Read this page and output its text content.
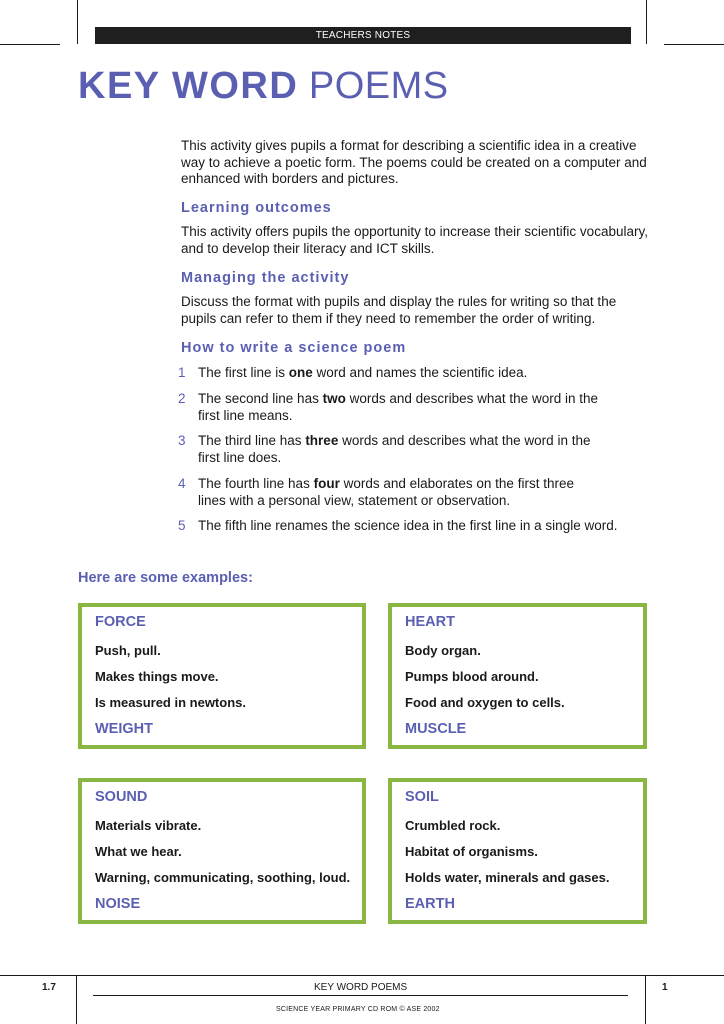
TEACHERS NOTES
KEY WORD POEMS

This activity gives pupils a format for describing a scientific idea in a creative way to achieve a poetic form. The poems could be created on a computer and enhanced with borders and pictures.

Learning outcomes

This activity offers pupils the opportunity to increase their scientific vocabulary, and to develop their literacy and ICT skills.

Managing the activity

Discuss the format with pupils and display the rules for writing so that the pupils can refer to them if they need to remember the order of writing.

How to write a science poem
1 The first line is one word and names the scientific idea.
2 The second line has two words and describes what the word in the first line means.
3 The third line has three words and describes what the word in the first line does.
4 The fourth line has four words and elaborates on the first three lines with a personal view, statement or observation.
5 The fifth line renames the science idea in the first line in a single word.
Here are some examples:
FORCE
Push, pull.
Makes things move.
Is measured in newtons.
WEIGHT
HEART
Body organ.
Pumps blood around.
Food and oxygen to cells.
MUSCLE
SOUND
Materials vibrate.
What we hear.
Warning, communicating, soothing, loud.
NOISE
SOIL
Crumbled rock.
Habitat of organisms.
Holds water, minerals and gases.
EARTH
1.7	KEY WORD POEMS	1
SCIENCE YEAR PRIMARY CD ROM © ASE 2002
